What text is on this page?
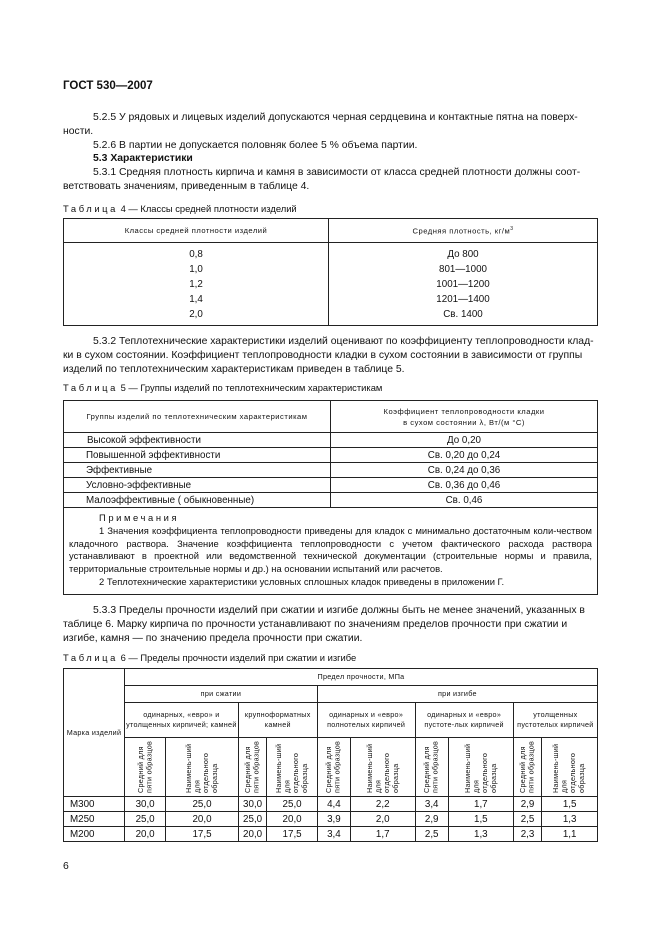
ГОСТ 530—2007
5.2.5 У рядовых и лицевых изделий допускаются черная сердцевина и контактные пятна на поверх-
ности.
5.2.6 В партии не допускается половняк более 5 % объема партии.
5.3 Характеристики
5.3.1 Средняя плотность кирпича и камня в зависимости от класса средней плотности должны соот-
ветствовать значениям, приведенным в таблице 4.
Таблица 4 — Классы средней плотности изделий
Классы средней плотности изделий	Средняя плотность, $кг/м^3$
0,8	До 800
1,0	801—1000
1,2	1001—1200
1,4	1201—1400
2,0	Св. 1400
5.3.2 Теплотехнические характеристики изделий оценивают по коэффициенту теплопроводности клад-
ки в сухом состоянии. Коэффициент теплопроводности кладки в сухом состоянии в зависимости от группы
изделий по теплотехническим характеристикам приведен в таблице 5.
Таблица 5 — Группы изделий по теплотехническим характеристикам
Группы изделий по теплотехническим характеристикам	Коэффициент теплопроводности кладки
в сухом состоянии λ, Вт/(м °С)

Высокой эффективности	До 0,20
Повышенной эффективности	Св. 0,20 до 0,24
Эффективные	Св. 0,24 до 0,36
Условно-эффективные	Св. 0,36 до 0,46
Малоэффективные ( обыкновенные)	Св. 0,46

Примечания
1 Значения коэффициента теплопроводности приведены для кладок с минимально достаточным коли-чеством кладочного раствора. Значение коэффициента теплопроводности с учетом фактического расхода раствора устанавливают в проектной или ведомственной технической документации (строительные нормы и правила, территориальные строительные нормы и др.) на основании испытаний или расчетов.
2 Теплотехнические характеристики условных сплошных кладок приведены в приложении Г.	
5.3.3 Пределы прочности изделий при сжатии и изгибе должны быть не менее значений, указанных в
таблице 6. Марку кирпича по прочности устанавливают по значениям пределов прочности при сжатии и
изгибе, камня — по значению предела прочности при сжатии.
Таблица 6 — Пределы прочности изделий при сжатии и изгибе
Марка изделий	Предел прочности, МПа									
	при сжатии				при изгибе					
	одинарных, «евро» и утолщенных кирпичей; камней		крупноформатных камней		одинарных и «евро» полнотелых кирпичей		одинарных и «евро» пустоте-лых кирпичей		утолщенных пустотелых кирпичей	
	Средний для пяти образцов	Наимень-ший для отдельного образца	Средний для пяти образцов	Наимень-ший для отдельного образца	Средний для пяти образцов	Наимень-ший для отдельного образца	Средний для пяти образцов	Наимень-ший для отдельного образца	Средний для пяти образцов	Наимень-ший для отдельного образца
М300	30,0	25,0	30,0	25,0	4,4	2,2	3,4	1,7	2,9	1,5
М250	25,0	20,0	25,0	20,0	3,9	2,0	2,9	1,5	2,5	1,3
М200	20,0	17,5	20,0	17,5	3,4	1,7	2,5	1,3	2,3	1,1
6
